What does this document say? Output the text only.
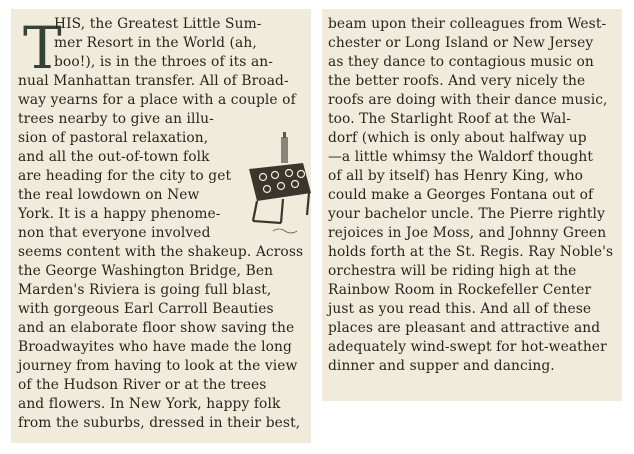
T
HIS, the Greatest Little Sum-
mer Resort in the World (ah,
boo!), is in the throes of its an-
nual Manhattan transfer. All of Broad-
way yearns for a place with a couple of
trees nearby to give an illu-
sion of pastoral relaxation,
and all the out-of-town folk
are heading for the city to get
the real lowdown on New
York. It is a happy phenome-
non that everyone involved
seems content with the shakeup. Across
the George Washington Bridge, Ben
Marden's Riviera is going full blast,
with gorgeous Earl Carroll Beauties
and an elaborate floor show saving the
Broadwayites who have made the long
journey from having to look at the view
of the Hudson River or at the trees
and flowers. In New York, happy folk
from the suburbs, dressed in their best,
beam upon their colleagues from West-
chester or Long Island or New Jersey
as they dance to contagious music on
the better roofs. And very nicely the
roofs are doing with their dance music,
too. The Starlight Roof at the Wal-
dorf (which is only about halfway up
—a little whimsy the Waldorf thought
of all by itself) has Henry King, who
could make a Georges Fontana out of
your bachelor uncle. The Pierre rightly
rejoices in Joe Moss, and Johnny Green
holds forth at the St. Regis. Ray Noble's
orchestra will be riding high at the
Rainbow Room in Rockefeller Center
just as you read this. And all of these
places are pleasant and attractive and
adequately wind-swept for hot-weather
dinner and supper and dancing.
